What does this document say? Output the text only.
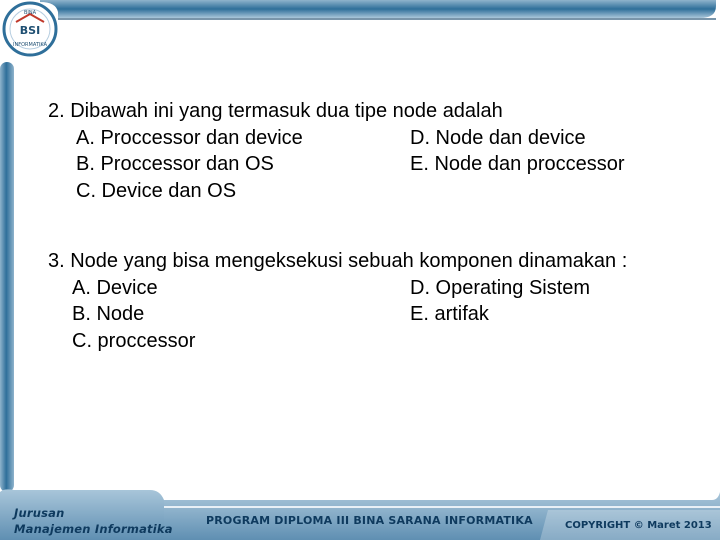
BSI
INFORMATIKA
BINA
2. Dibawah ini yang termasuk dua tipe node adalah
A. Proccessor dan device	D. Node dan device
B. Proccessor dan OS	E. Node dan proccessor
C. Device dan OS
3. Node yang bisa mengeksekusi sebuah komponen dinamakan :
A. Device	D. Operating Sistem
B. Node	E. artifak
C. proccessor
Jurusan
Manajemen Informatika
PROGRAM DIPLOMA III BINA SARANA INFORMATIKA	COPYRIGHT © Maret 2013
